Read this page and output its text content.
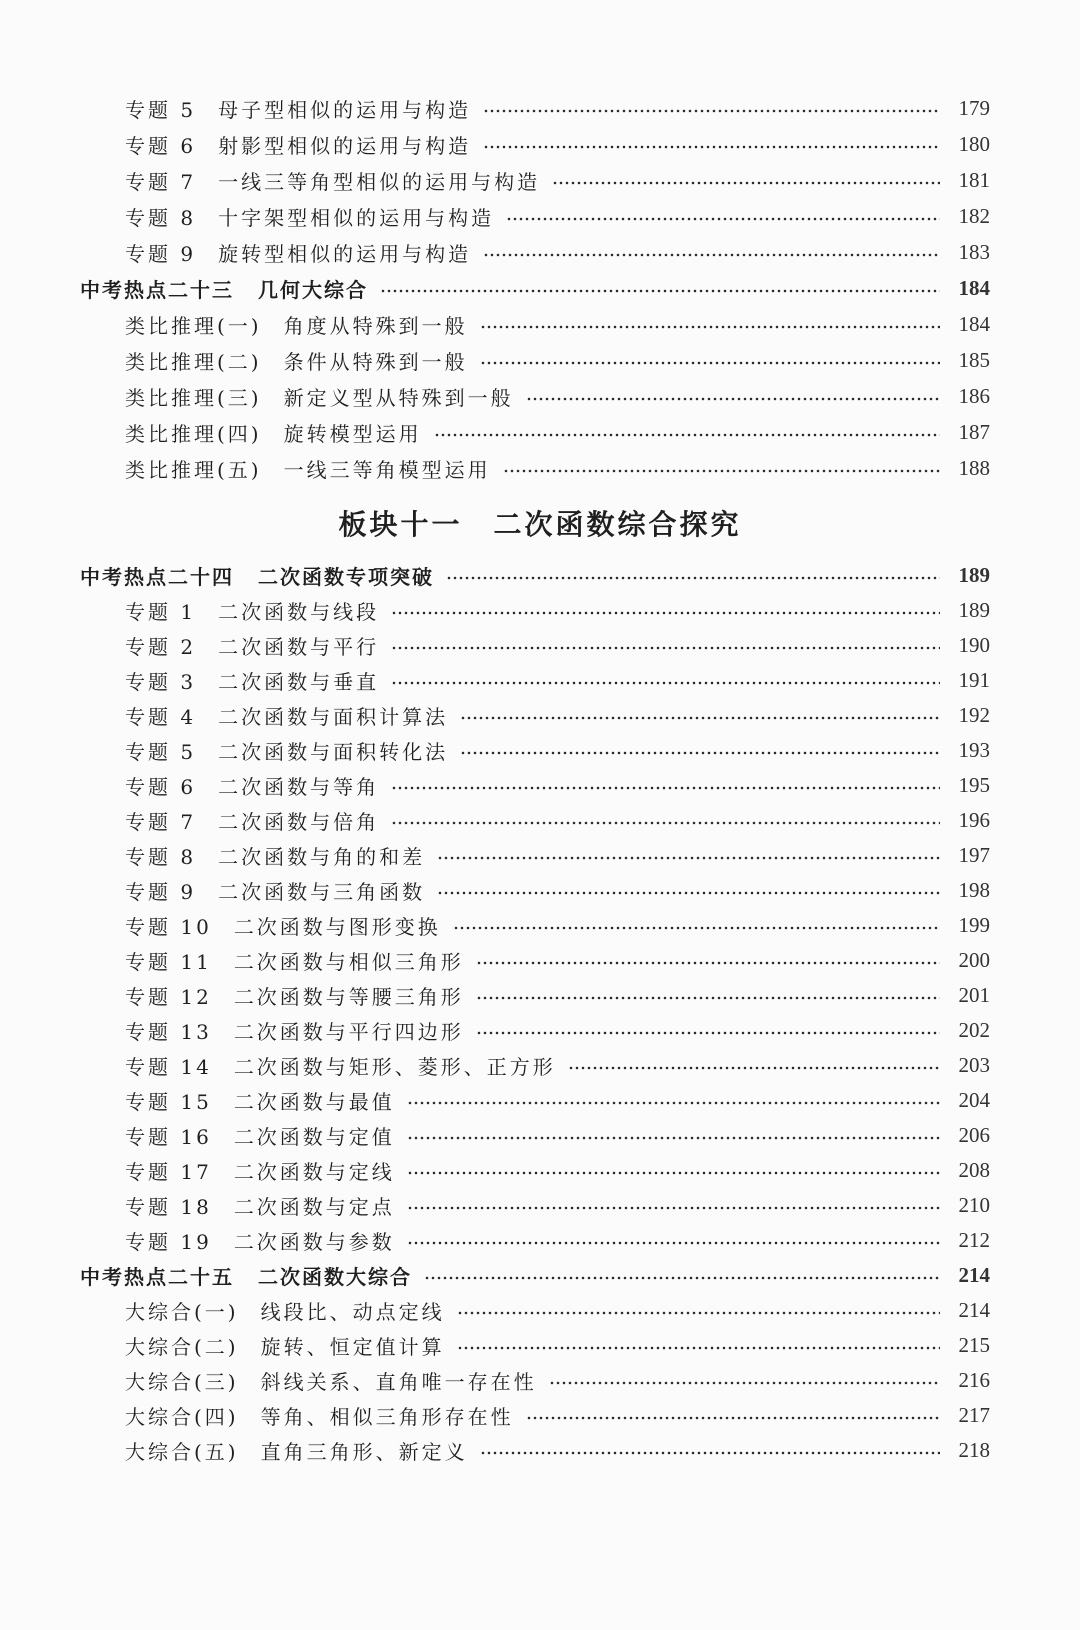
专题 5 母子型相似的运用与构造	179
专题 6 射影型相似的运用与构造	180
专题 7 一线三等角型相似的运用与构造	181
专题 8 十字架型相似的运用与构造	182
专题 9 旋转型相似的运用与构造	183
中考热点二十三 几何大综合	184
类比推理(一) 角度从特殊到一般	184
类比推理(二) 条件从特殊到一般	185
类比推理(三) 新定义型从特殊到一般	186
类比推理(四) 旋转模型运用	187
类比推理(五) 一线三等角模型运用	188
板块十一　二次函数综合探究
中考热点二十四 二次函数专项突破	189
专题 1 二次函数与线段	189
专题 2 二次函数与平行	190
专题 3 二次函数与垂直	191
专题 4 二次函数与面积计算法	192
专题 5 二次函数与面积转化法	193
专题 6 二次函数与等角	195
专题 7 二次函数与倍角	196
专题 8 二次函数与角的和差	197
专题 9 二次函数与三角函数	198
专题 10 二次函数与图形变换	199
专题 11 二次函数与相似三角形	200
专题 12 二次函数与等腰三角形	201
专题 13 二次函数与平行四边形	202
专题 14 二次函数与矩形、菱形、正方形	203
专题 15 二次函数与最值	204
专题 16 二次函数与定值	206
专题 17 二次函数与定线	208
专题 18 二次函数与定点	210
专题 19 二次函数与参数	212
中考热点二十五 二次函数大综合	214
大综合(一) 线段比、动点定线	214
大综合(二) 旋转、恒定值计算	215
大综合(三) 斜线关系、直角唯一存在性	216
大综合(四) 等角、相似三角形存在性	217
大综合(五) 直角三角形、新定义	218
